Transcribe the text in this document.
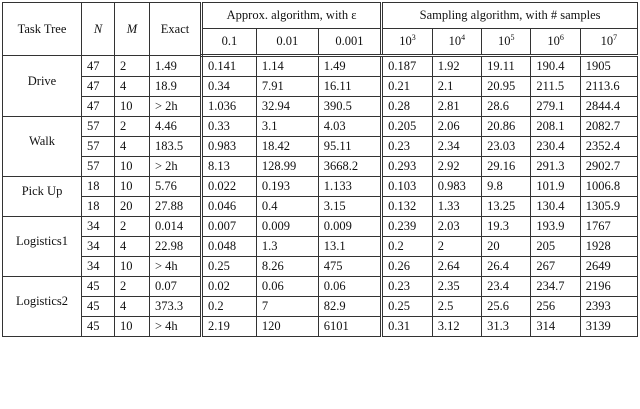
Task Tree	N	M	Exact	Approx. algorithm, with ε			Sampling algorithm, with # samples				
				0.1	0.01	0.001	$10^3$	$10^4$	$10^5$	$10^6$	$10^7$
Drive	47	2	1.49	0.141	1.14	1.49	0.187	1.92	19.11	190.4	1905
	47	4	18.9	0.34	7.91	16.11	0.21	2.1	20.95	211.5	2113.6
	47	10	> 2h	1.036	32.94	390.5	0.28	2.81	28.6	279.1	2844.4
Walk	57	2	4.46	0.33	3.1	4.03	0.205	2.06	20.86	208.1	2082.7
	57	4	183.5	0.983	18.42	95.11	0.23	2.34	23.03	230.4	2352.4
	57	10	> 2h	8.13	128.99	3668.2	0.293	2.92	29.16	291.3	2902.7
Pick Up	18	10	5.76	0.022	0.193	1.133	0.103	0.983	9.8	101.9	1006.8
	18	20	27.88	0.046	0.4	3.15	0.132	1.33	13.25	130.4	1305.9
Logistics1	34	2	0.014	0.007	0.009	0.009	0.239	2.03	19.3	193.9	1767
	34	4	22.98	0.048	1.3	13.1	0.2	2	20	205	1928
	34	10	> 4h	0.25	8.26	475	0.26	2.64	26.4	267	2649
Logistics2	45	2	0.07	0.02	0.06	0.06	0.23	2.35	23.4	234.7	2196
	45	4	373.3	0.2	7	82.9	0.25	2.5	25.6	256	2393
	45	10	> 4h	2.19	120	6101	0.31	3.12	31.3	314	3139
